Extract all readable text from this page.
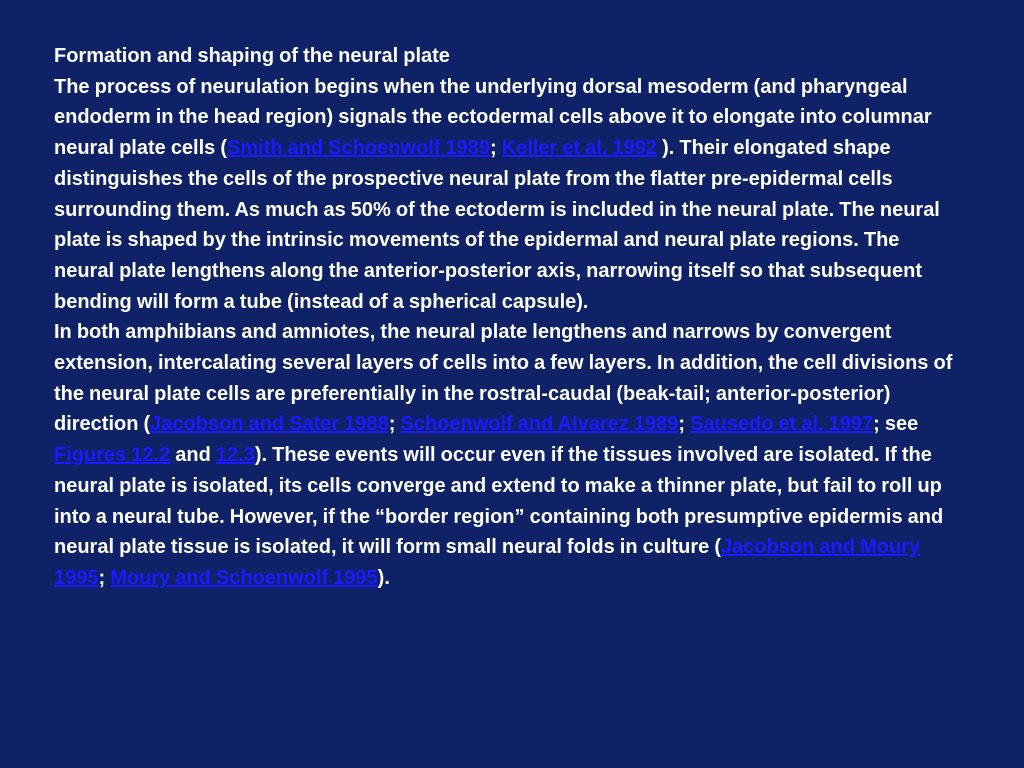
Formation and shaping of the neural plate

The process of neurulation begins when the underlying dorsal mesoderm (and pharyngeal endoderm in the head region) signals the ectodermal cells above it to elongate into columnar neural plate cells (Smith and Schoenwolf 1989; Keller et al. 1992 ). Their elongated shape distinguishes the cells of the prospective neural plate from the flatter pre-epidermal cells surrounding them. As much as 50% of the ectoderm is included in the neural plate. The neural plate is shaped by the intrinsic movements of the epidermal and neural plate regions. The neural plate lengthens along the anterior-posterior axis, narrowing itself so that subsequent bending will form a tube (instead of a spherical capsule).

In both amphibians and amniotes, the neural plate lengthens and narrows by convergent extension, intercalating several layers of cells into a few layers. In addition, the cell divisions of the neural plate cells are preferentially in the rostral-caudal (beak-tail; anterior-posterior) direction (Jacobson and Sater 1988; Schoenwolf and Alvarez 1989; Sausedo et al. 1997; see Figures 12.2 and 12.3). These events will occur even if the tissues involved are isolated. If the neural plate is isolated, its cells converge and extend to make a thinner plate, but fail to roll up into a neural tube. However, if the “border region” containing both presumptive epidermis and neural plate tissue is isolated, it will form small neural folds in culture (Jacobson and Moury 1995; Moury and Schoenwolf 1995).
